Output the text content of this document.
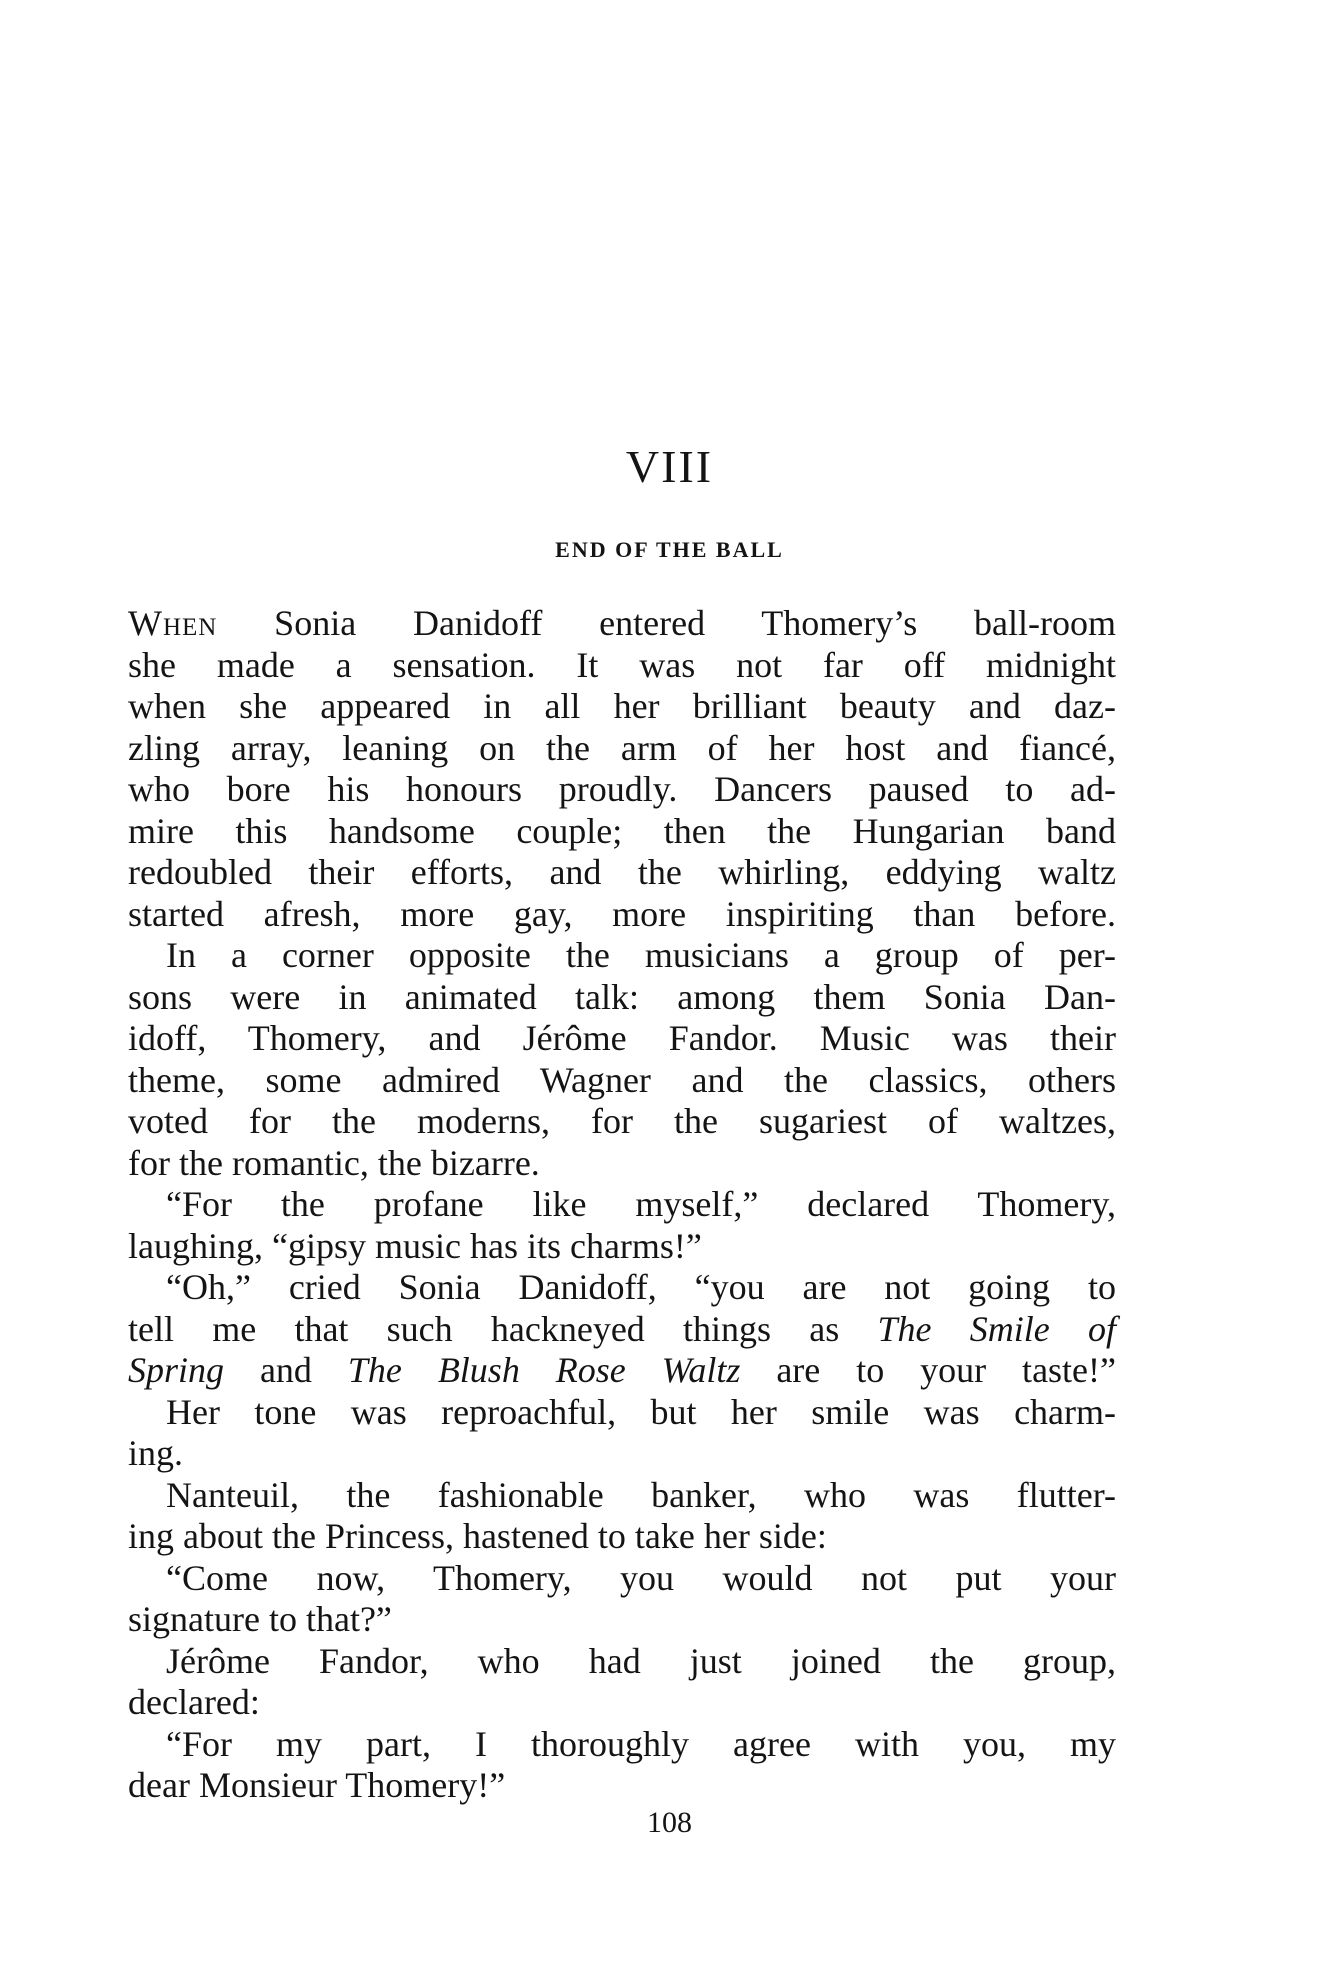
VIII
END OF THE BALL
When Sonia Danidoff entered Thomery’s ball-room
she made a sensation. It was not far off midnight
when she appeared in all her brilliant beauty and daz-
zling array, leaning on the arm of her host and fiancé,
who bore his honours proudly. Dancers paused to ad-
mire this handsome couple; then the Hungarian band
redoubled their efforts, and the whirling, eddying waltz
started afresh, more gay, more inspiriting than before.
In a corner opposite the musicians a group of per-
sons were in animated talk: among them Sonia Dan-
idoff, Thomery, and Jérôme Fandor. Music was their
theme, some admired Wagner and the classics, others
voted for the moderns, for the sugariest of waltzes,
for the romantic, the bizarre.
“For the profane like myself,” declared Thomery,
laughing, “gipsy music has its charms!”
“Oh,” cried Sonia Danidoff, “you are not going to
tell me that such hackneyed things as The Smile of
Spring and The Blush Rose Waltz are to your taste!”
Her tone was reproachful, but her smile was charm-
ing.
Nanteuil, the fashionable banker, who was flutter-
ing about the Princess, hastened to take her side:
“Come now, Thomery, you would not put your
signature to that?”
Jérôme Fandor, who had just joined the group,
declared:
“For my part, I thoroughly agree with you, my
dear Monsieur Thomery!”

108
